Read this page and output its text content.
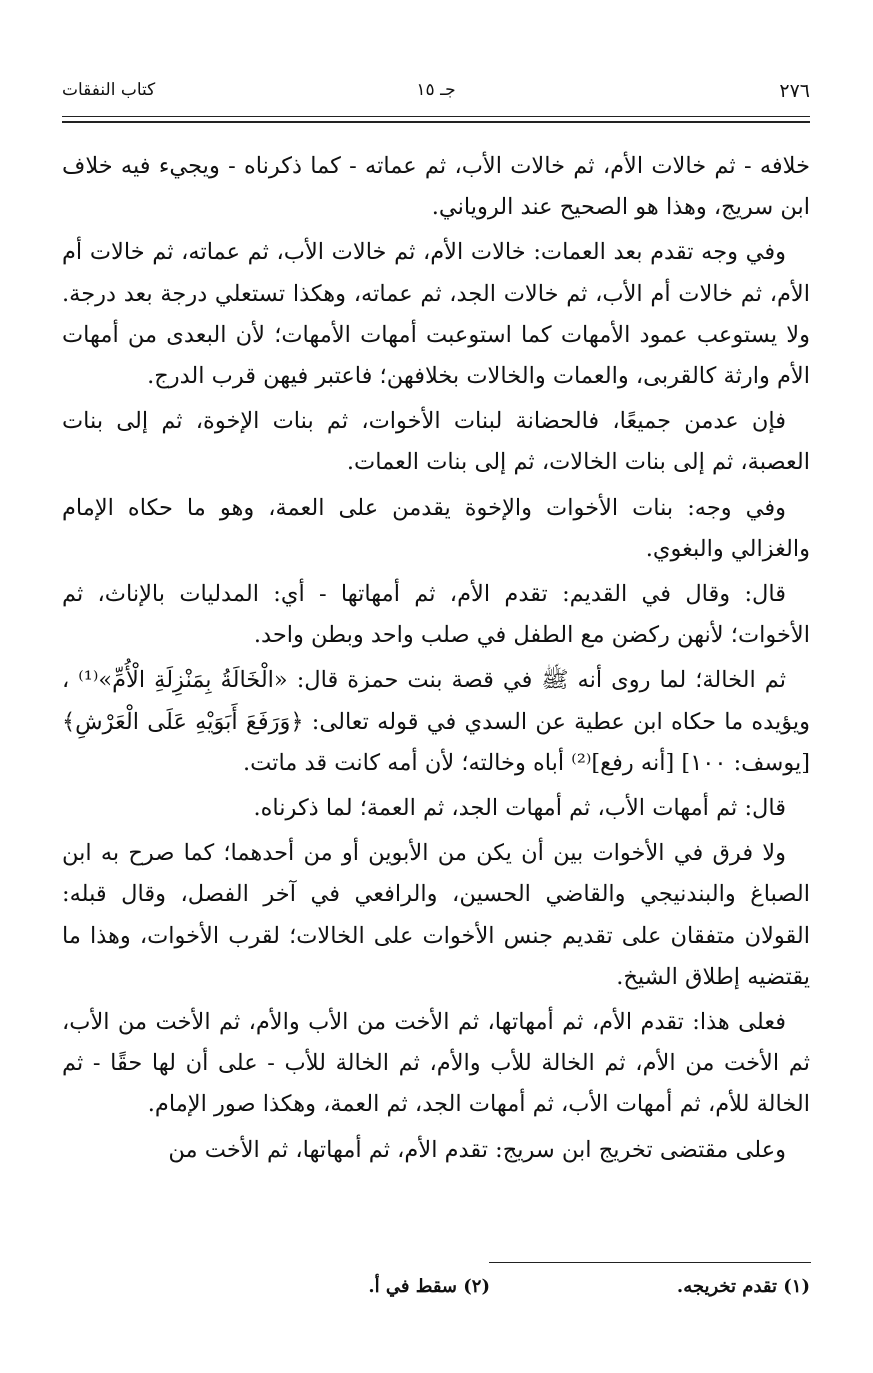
٢٧٦
جـ ١٥
كتاب النفقات

خلافه - ثم خالات الأم، ثم خالات الأب، ثم عماته - كما ذكرناه - ويجيء فيه خلاف ابن سريج، وهذا هو الصحيح عند الروياني.

وفي وجه تقدم بعد العمات: خالات الأم، ثم خالات الأب، ثم عماته، ثم خالات أم الأم، ثم خالات أم الأب، ثم خالات الجد، ثم عماته، وهكذا تستعلي درجة بعد درجة. ولا يستوعب عمود الأمهات كما استوعبت أمهات الأمهات؛ لأن البعدى من أمهات الأم وارثة كالقربى، والعمات والخالات بخلافهن؛ فاعتبر فيهن قرب الدرج.

فإن عدمن جميعًا، فالحضانة لبنات الأخوات، ثم بنات الإخوة، ثم إلى بنات العصبة، ثم إلى بنات الخالات، ثم إلى بنات العمات.

وفي وجه: بنات الأخوات والإخوة يقدمن على العمة، وهو ما حكاه الإمام والغزالي والبغوي.

قال: وقال في القديم: تقدم الأم، ثم أمهاتها - أي: المدليات بالإناث، ثم الأخوات؛ لأنهن ركضن مع الطفل في صلب واحد وبطن واحد.

ثم الخالة؛ لما روى أنه ﷺ في قصة بنت حمزة قال: «الْخَالَةُ بِمَنْزِلَةِ الْأُمِّ»⁽¹⁾ ، ويؤيده ما حكاه ابن عطية عن السدي في قوله تعالى: ﴿وَرَفَعَ أَبَوَيْهِ عَلَى الْعَرْشِ﴾ [يوسف: ١٠٠] [أنه رفع]⁽²⁾ أباه وخالته؛ لأن أمه كانت قد ماتت.

قال: ثم أمهات الأب، ثم أمهات الجد، ثم العمة؛ لما ذكرناه.

ولا فرق في الأخوات بين أن يكن من الأبوين أو من أحدهما؛ كما صرح به ابن الصباغ والبندنيجي والقاضي الحسين، والرافعي في آخر الفصل، وقال قبله: القولان متفقان على تقديم جنس الأخوات على الخالات؛ لقرب الأخوات، وهذا ما يقتضيه إطلاق الشيخ.

فعلى هذا: تقدم الأم، ثم أمهاتها، ثم الأخت من الأب والأم، ثم الأخت من الأب، ثم الأخت من الأم، ثم الخالة للأب والأم، ثم الخالة للأب - على أن لها حقًا - ثم الخالة للأم، ثم أمهات الأب، ثم أمهات الجد، ثم العمة، وهكذا صور الإمام.

وعلى مقتضى تخريج ابن سريج: تقدم الأم، ثم أمهاتها، ثم الأخت من

(١) تقدم تخريجه.
(٢) سقط في أ.
